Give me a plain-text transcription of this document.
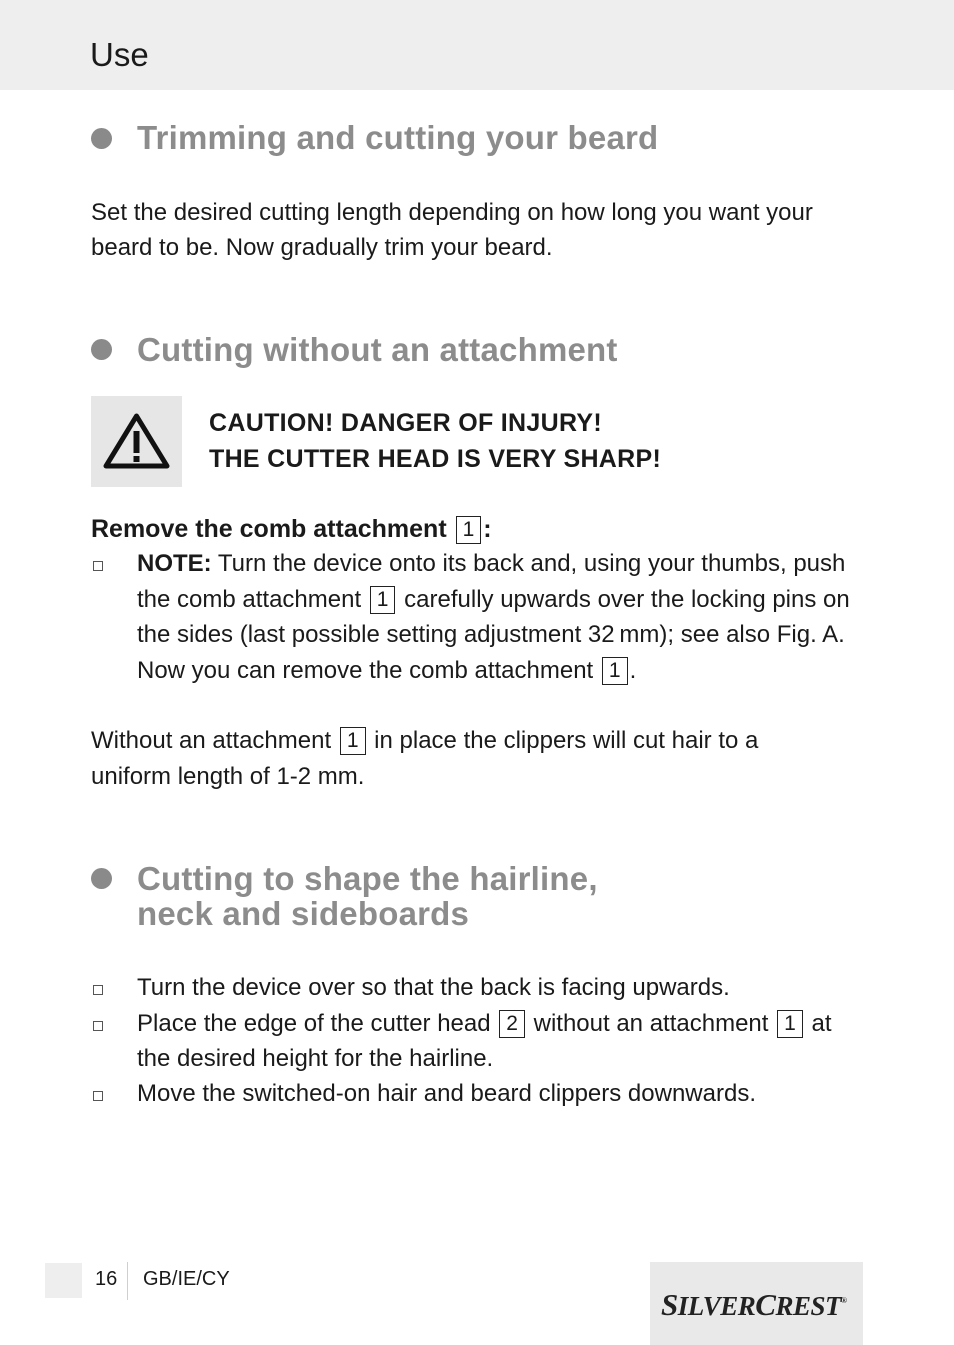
Use
Trimming and cutting your beard
Set the desired cutting length depending on how long you want your
beard to be. Now gradually trim your beard.
Cutting without an attachment
CAUTION! DANGER OF INJURY!
THE CUTTER HEAD IS VERY SHARP!
Remove the comb attachment 1 :
NOTE: Turn the device onto its back and, using your thumbs, push
the comb attachment 1 carefully upwards over the locking pins on
the sides (last possible setting adjustment 32 mm); see also Fig. A.
Now you can remove the comb attachment 1 .
Without an attachment 1 in place the clippers will cut hair to a
uniform length of 1-2 mm.
Cutting to shape the hairline,
neck and sideboards
Turn the device over so that the back is facing upwards.
Place the edge of the cutter head 2 without an attachment 1 at
the desired height for the hairline.
Move the switched-on hair and beard clippers downwards.
16 GB/IE/CY
SILVERCREST®
